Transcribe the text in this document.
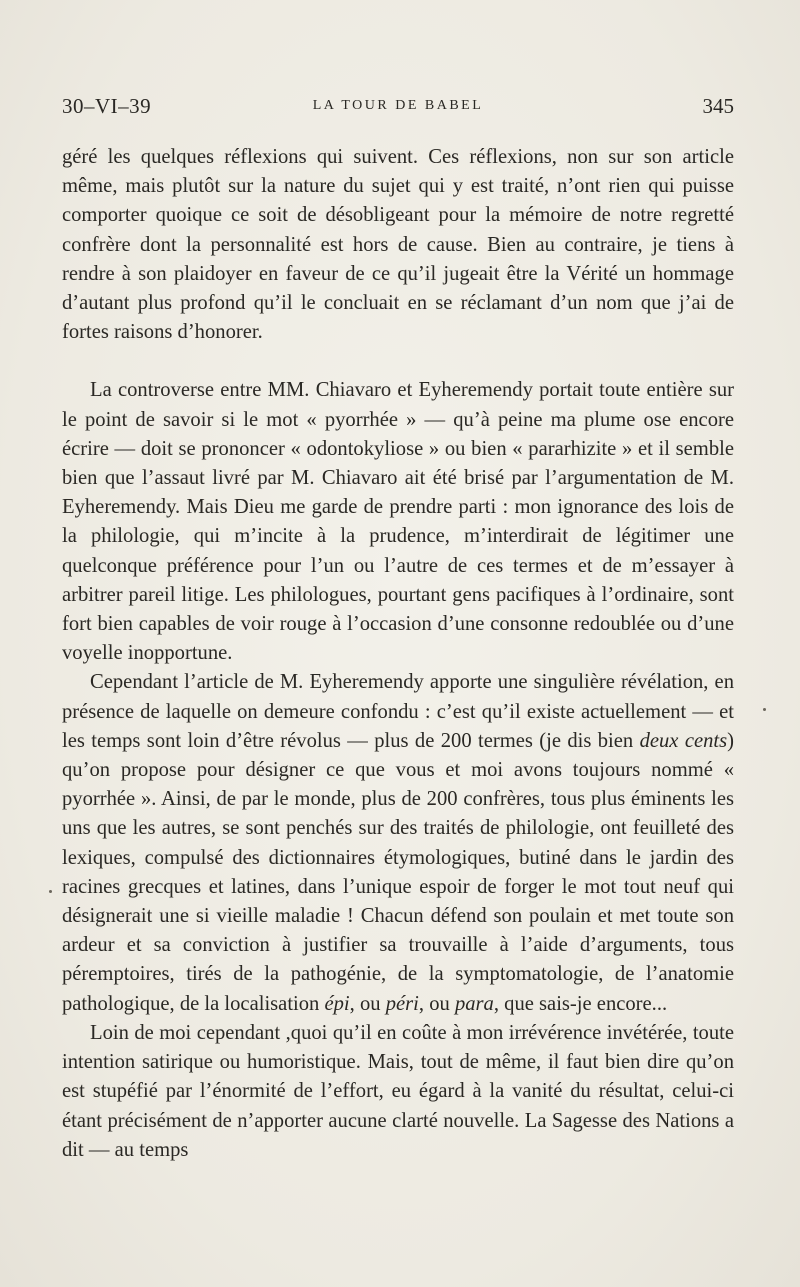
30–VI–39	LA TOUR DE BABEL	345

géré les quelques réflexions qui suivent. Ces réflexions, non sur son article même, mais plutôt sur la nature du sujet qui y est traité, n’ont rien qui puisse comporter quoique ce soit de désobligeant pour la mémoire de notre regretté confrère dont la personnalité est hors de cause. Bien au contraire, je tiens à rendre à son plaidoyer en faveur de ce qu’il jugeait être la Vérité un hommage d’autant plus profond qu’il le concluait en se réclamant d’un nom que j’ai de fortes raisons d’honorer.

La controverse entre MM. Chiavaro et Eyheremendy portait toute entière sur le point de savoir si le mot « pyorrhée » — qu’à peine ma plume ose encore écrire — doit se prononcer « odontokyliose » ou bien « pararhizite » et il semble bien que l’assaut livré par M. Chiavaro ait été brisé par l’argumentation de M. Eyheremendy. Mais Dieu me garde de prendre parti : mon ignorance des lois de la philologie, qui m’incite à la prudence, m’interdirait de légitimer une quelconque préférence pour l’un ou l’autre de ces termes et de m’essayer à arbitrer pareil litige. Les philologues, pourtant gens pacifiques à l’ordinaire, sont fort bien capables de voir rouge à l’occasion d’une consonne redoublée ou d’une voyelle inopportune.

Cependant l’article de M. Eyheremendy apporte une singulière révélation, en présence de laquelle on demeure confondu : c’est qu’il existe actuellement — et les temps sont loin d’être révolus — plus de 200 termes (je dis bien deux cents) qu’on propose pour désigner ce que vous et moi avons toujours nommé « pyorrhée ». Ainsi, de par le monde, plus de 200 confrères, tous plus éminents les uns que les autres, se sont penchés sur des traités de philologie, ont feuilleté des lexiques, compulsé des dictionnaires étymologiques, butiné dans le jardin des racines grecques et latines, dans l’unique espoir de forger le mot tout neuf qui désignerait une si vieille maladie ! Chacun défend son poulain et met toute son ardeur et sa conviction à justifier sa trouvaille à l’aide d’arguments, tous péremptoires, tirés de la pathogénie, de la symptomatologie, de l’anatomie pathologique, de la localisation épi, ou péri, ou para, que sais-je encore...

Loin de moi cependant ,quoi qu’il en coûte à mon irrévérence invétérée, toute intention satirique ou humoristique. Mais, tout de même, il faut bien dire qu’on est stupéfié par l’énormité de l’effort, eu égard à la vanité du résultat, celui-ci étant précisément de n’apporter aucune clarté nouvelle. La Sagesse des Nations a dit — au temps
